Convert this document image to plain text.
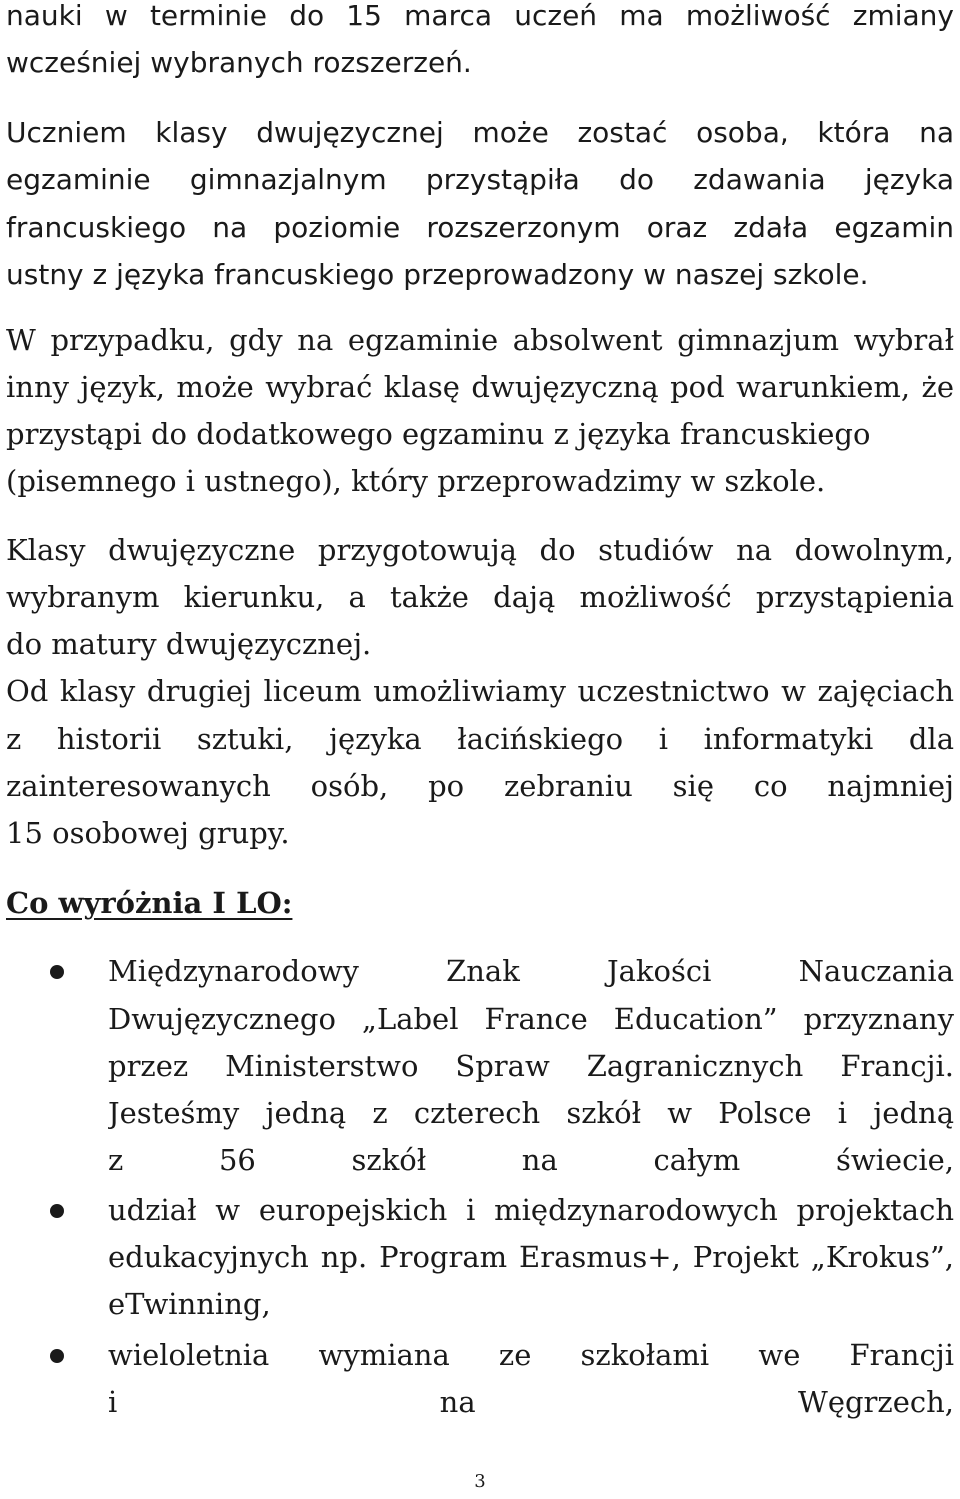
nauki w terminie do 15 marca uczeń ma możliwość zmiany
wcześniej wybranych rozszerzeń.
Uczniem klasy dwujęzycznej może zostać osoba, która na
egzaminie gimnazjalnym przystąpiła do zdawania języka
francuskiego na poziomie rozszerzonym oraz zdała egzamin
ustny z języka francuskiego przeprowadzony w naszej szkole.
W przypadku, gdy na egzaminie absolwent gimnazjum wybrał
inny język, może wybrać klasę dwujęzyczną pod warunkiem, że
przystąpi do dodatkowego egzaminu z języka francuskiego
(pisemnego i ustnego), który przeprowadzimy w szkole.
Klasy dwujęzyczne przygotowują do studiów na dowolnym,
wybranym kierunku, a także dają możliwość przystąpienia
do matury dwujęzycznej.
Od klasy drugiej liceum umożliwiamy uczestnictwo w zajęciach
z historii sztuki, języka łacińskiego i informatyki dla
zainteresowanych osób, po zebraniu się co najmniej
15 osobowej grupy.
Co wyróżnia I LO:
Międzynarodowy Znak Jakości Nauczania
Dwujęzycznego „Label France Education” przyznany
przez Ministerstwo Spraw Zagranicznych Francji.
Jesteśmy jedną z czterech szkół w Polsce i jedną
z 56 szkół na całym świecie,
udział w europejskich i międzynarodowych projektach
edukacyjnych np. Program Erasmus+, Projekt „Krokus”,
eTwinning,
wieloletnia wymiana ze szkołami we Francji
i na Węgrzech,
3
